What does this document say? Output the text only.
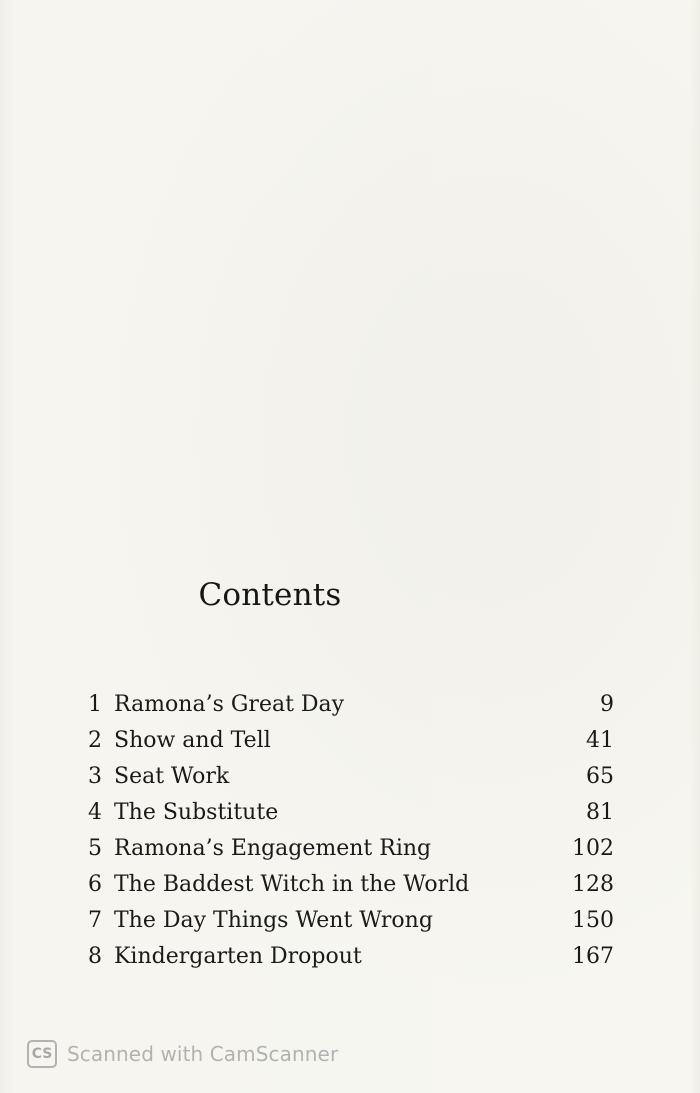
Contents
1 Ramona’s Great Day	9
2 Show and Tell	41
3 Seat Work	65
4 The Substitute	81
5 Ramona’s Engagement Ring	102
6 The Baddest Witch in the World	128
7 The Day Things Went Wrong	150
8 Kindergarten Dropout	167
CS Scanned with CamScanner
